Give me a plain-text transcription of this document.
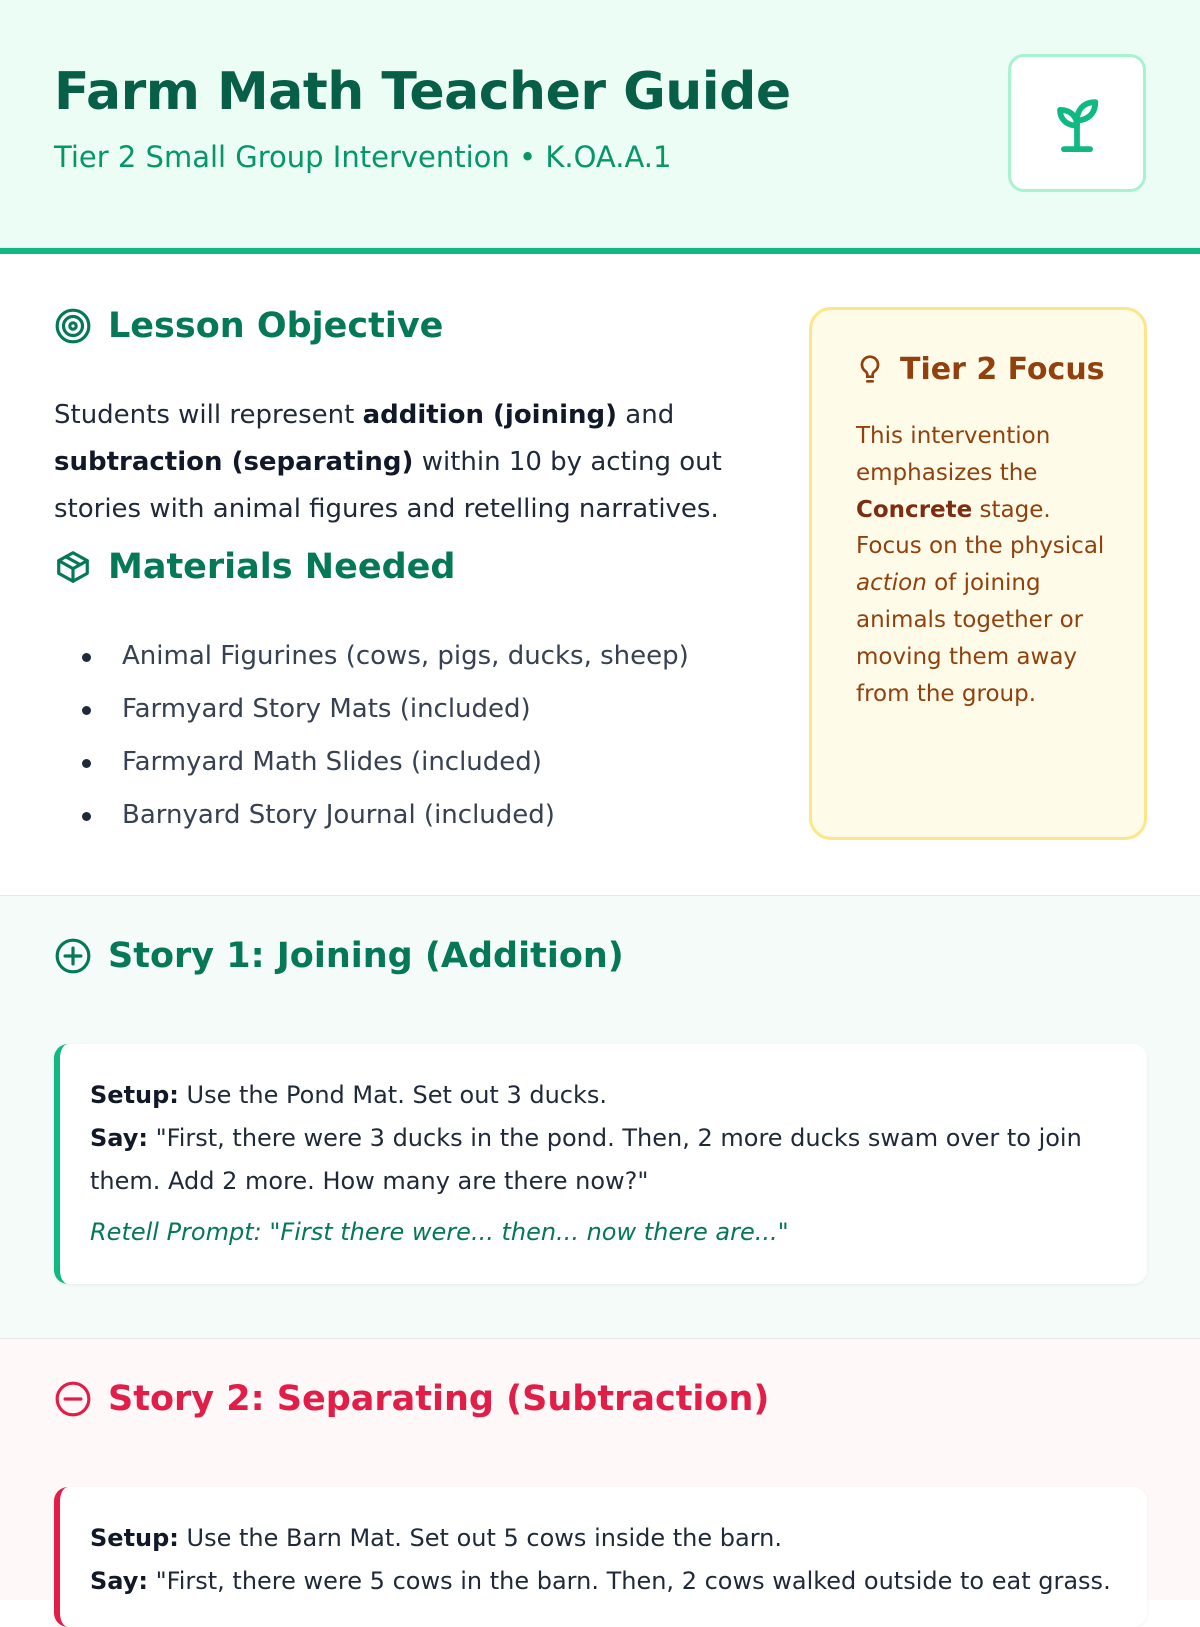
Farm Math Teacher Guide
Tier 2 Small Group Intervention • K.OA.A.1
Lesson Objective

Students will represent addition (joining) and subtraction (separating) within 10 by acting out stories with animal figures and retelling narratives.

Materials Needed
Animal Figurines (cows, pigs, ducks, sheep)
Farmyard Story Mats (included)
Farmyard Math Slides (included)
Barnyard Story Journal (included)
Tier 2 Focus

This intervention emphasizes the Concrete stage. Focus on the physical action of joining animals together or moving them away from the group.

Story 1: Joining (Addition)
Setup: Use the Pond Mat. Set out 3 ducks.
Say: "First, there were 3 ducks in the pond. Then, 2 more ducks swam over to join them. Add 2 more. How many are there now?"
Retell Prompt: "First there were... then... now there are..."
Story 2: Separating (Subtraction)
Setup: Use the Barn Mat. Set out 5 cows inside the barn.
Say: "First, there were 5 cows in the barn. Then, 2 cows walked outside to eat grass.
